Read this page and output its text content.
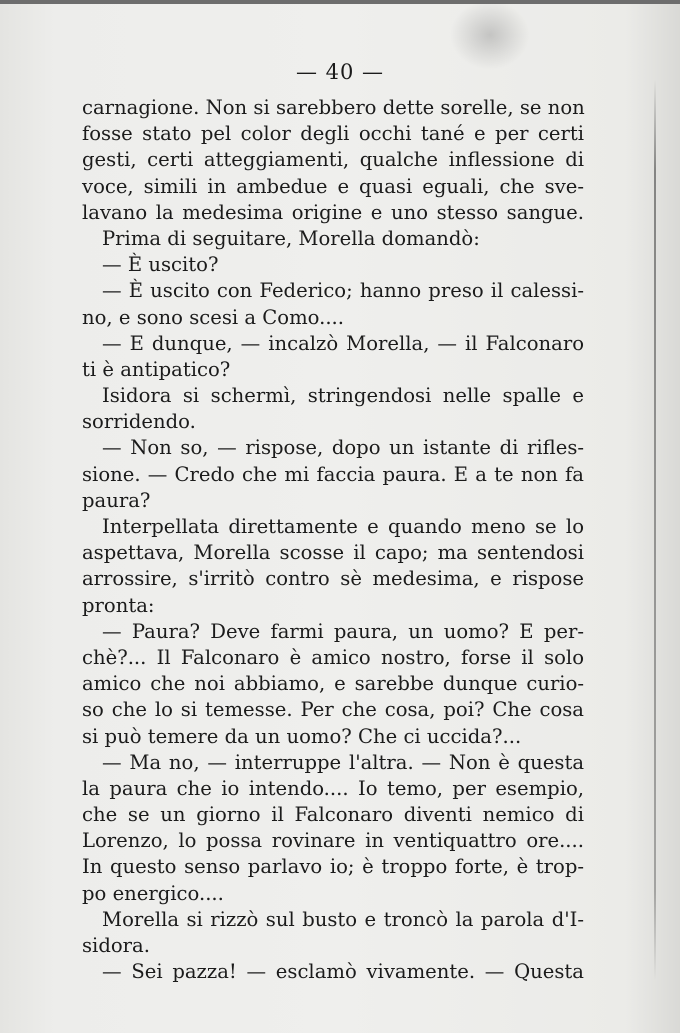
— 40 —
carnagione. Non si sarebbero dette sorelle, se non
fosse stato pel color degli occhi tané e per certi
gesti, certi atteggiamenti, qualche inflessione di
voce, simili in ambedue e quasi eguali, che sve-
lavano la medesima origine e uno stesso sangue.
Prima di seguitare, Morella domandò:
— È uscito?
— È uscito con Federico; hanno preso il calessi-
no, e sono scesi a Como....
— E dunque, — incalzò Morella, — il Falconaro
ti è antipatico?
Isidora si schermì, stringendosi nelle spalle e
sorridendo.
— Non so, — rispose, dopo un istante di rifles-
sione. — Credo che mi faccia paura. E a te non fa
paura?
Interpellata direttamente e quando meno se lo
aspettava, Morella scosse il capo; ma sentendosi
arrossire, s'irritò contro sè medesima, e rispose
pronta:
— Paura? Deve farmi paura, un uomo? E per-
chè?... Il Falconaro è amico nostro, forse il solo
amico che noi abbiamo, e sarebbe dunque curio-
so che lo si temesse. Per che cosa, poi? Che cosa
si può temere da un uomo? Che ci uccida?...
— Ma no, — interruppe l'altra. — Non è questa
la paura che io intendo.... Io temo, per esempio,
che se un giorno il Falconaro diventi nemico di
Lorenzo, lo possa rovinare in ventiquattro ore....
In questo senso parlavo io; è troppo forte, è trop-
po energico....
Morella si rizzò sul busto e troncò la parola d'I-
sidora.
— Sei pazza! — esclamò vivamente. — Questa
